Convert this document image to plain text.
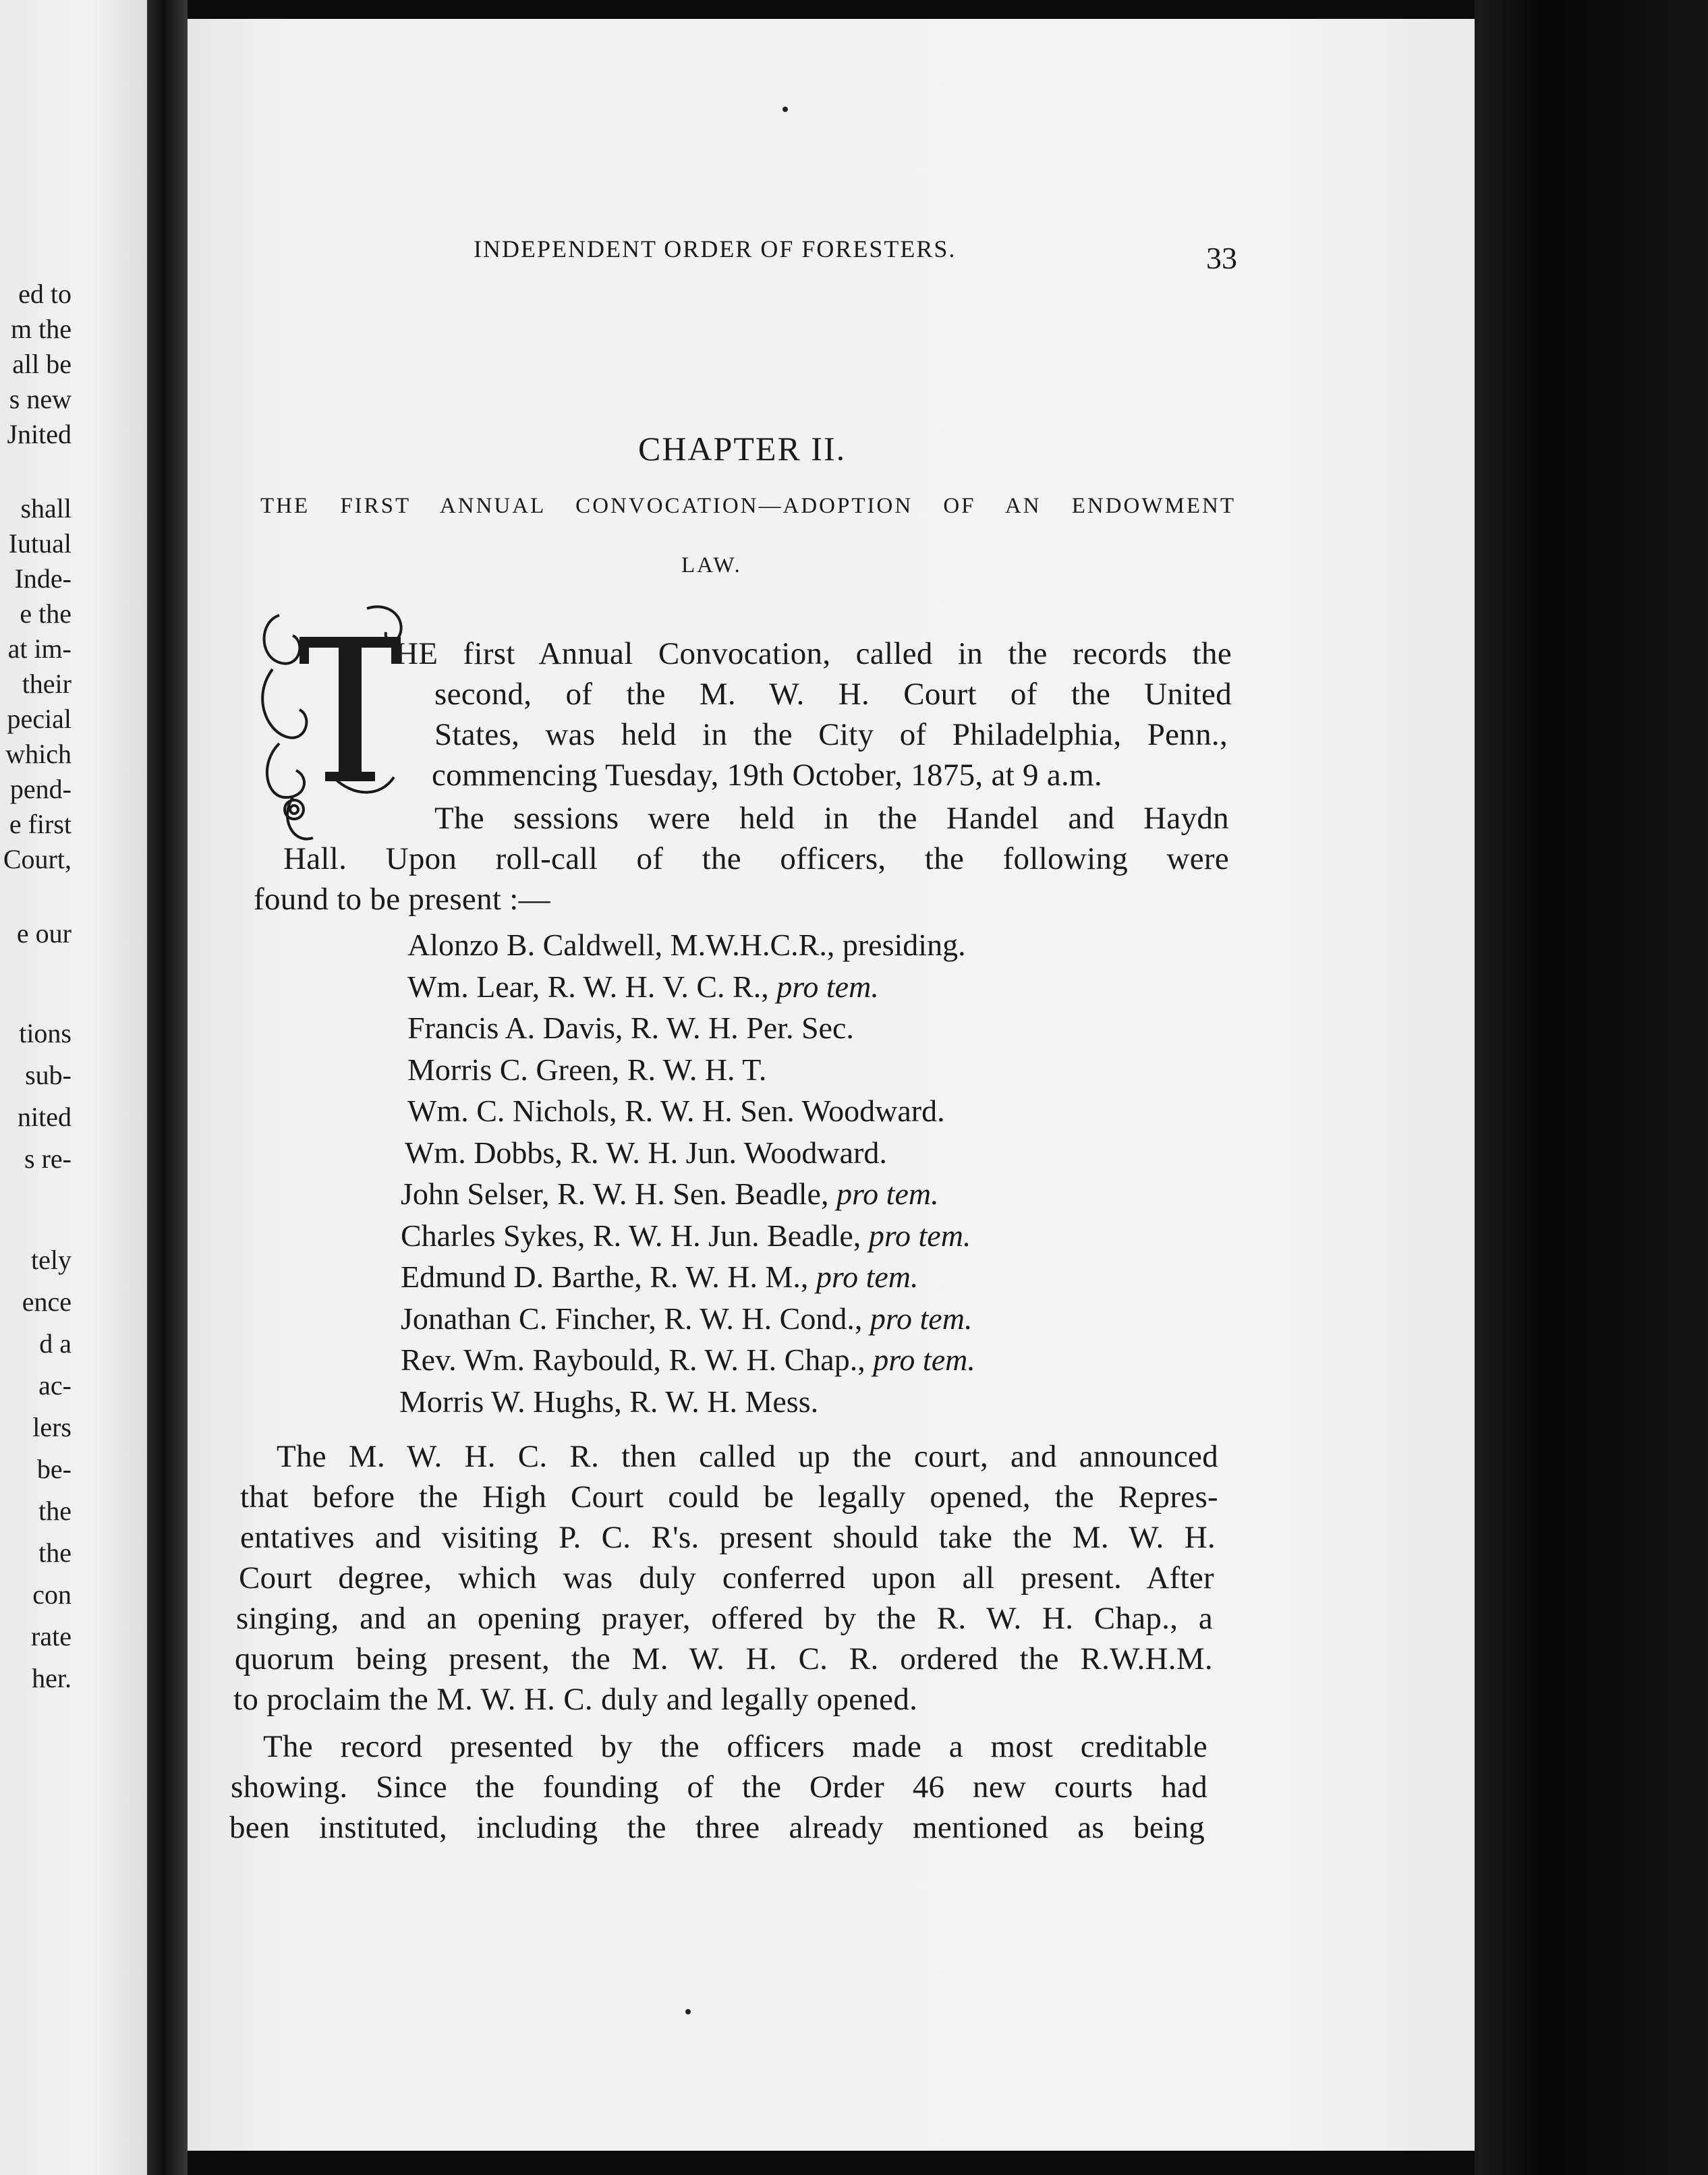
ed to
m the
all be
s new
Jnited
shall
Iutual
Inde-
e the
at im-
their
pecial
which
pend-
e first
Court,
e our
tions
sub-
nited
s re-
tely
ence
d a
ac-
lers
be-
the
the
con
rate
her.
INDEPENDENT ORDER OF FORESTERS.	33
CHAPTER II.
THE FIRST ANNUAL CONVOCATION—ADOPTION OF AN ENDOWMENT
LAW.
HE first Annual Convocation, called in the records the
second, of the M. W. H. Court of the United
States, was held in the City of Philadelphia, Penn.,
commencing Tuesday, 19th October, 1875, at 9 a.m.
The sessions were held in the Handel and Haydn
Hall. Upon roll-call of the officers, the following were
found to be present :—
Alonzo B. Caldwell, M.W.H.C.R., presiding.
Wm. Lear, R. W. H. V. C. R., pro tem.
Francis A. Davis, R. W. H. Per. Sec.
Morris C. Green, R. W. H. T.
Wm. C. Nichols, R. W. H. Sen. Woodward.
Wm. Dobbs, R. W. H. Jun. Woodward.
John Selser, R. W. H. Sen. Beadle, pro tem.
Charles Sykes, R. W. H. Jun. Beadle, pro tem.
Edmund D. Barthe, R. W. H. M., pro tem.
Jonathan C. Fincher, R. W. H. Cond., pro tem.
Rev. Wm. Raybould, R. W. H. Chap., pro tem.
Morris W. Hughs, R. W. H. Mess.
The M. W. H. C. R. then called up the court, and announced
that before the High Court could be legally opened, the Repres-
entatives and visiting P. C. R's. present should take the M. W. H.
Court degree, which was duly conferred upon all present. After
singing, and an opening prayer, offered by the R. W. H. Chap., a
quorum being present, the M. W. H. C. R. ordered the R.W.H.M.
to proclaim the M. W. H. C. duly and legally opened.
The record presented by the officers made a most creditable
showing. Since the founding of the Order 46 new courts had
been instituted, including the three already mentioned as being
